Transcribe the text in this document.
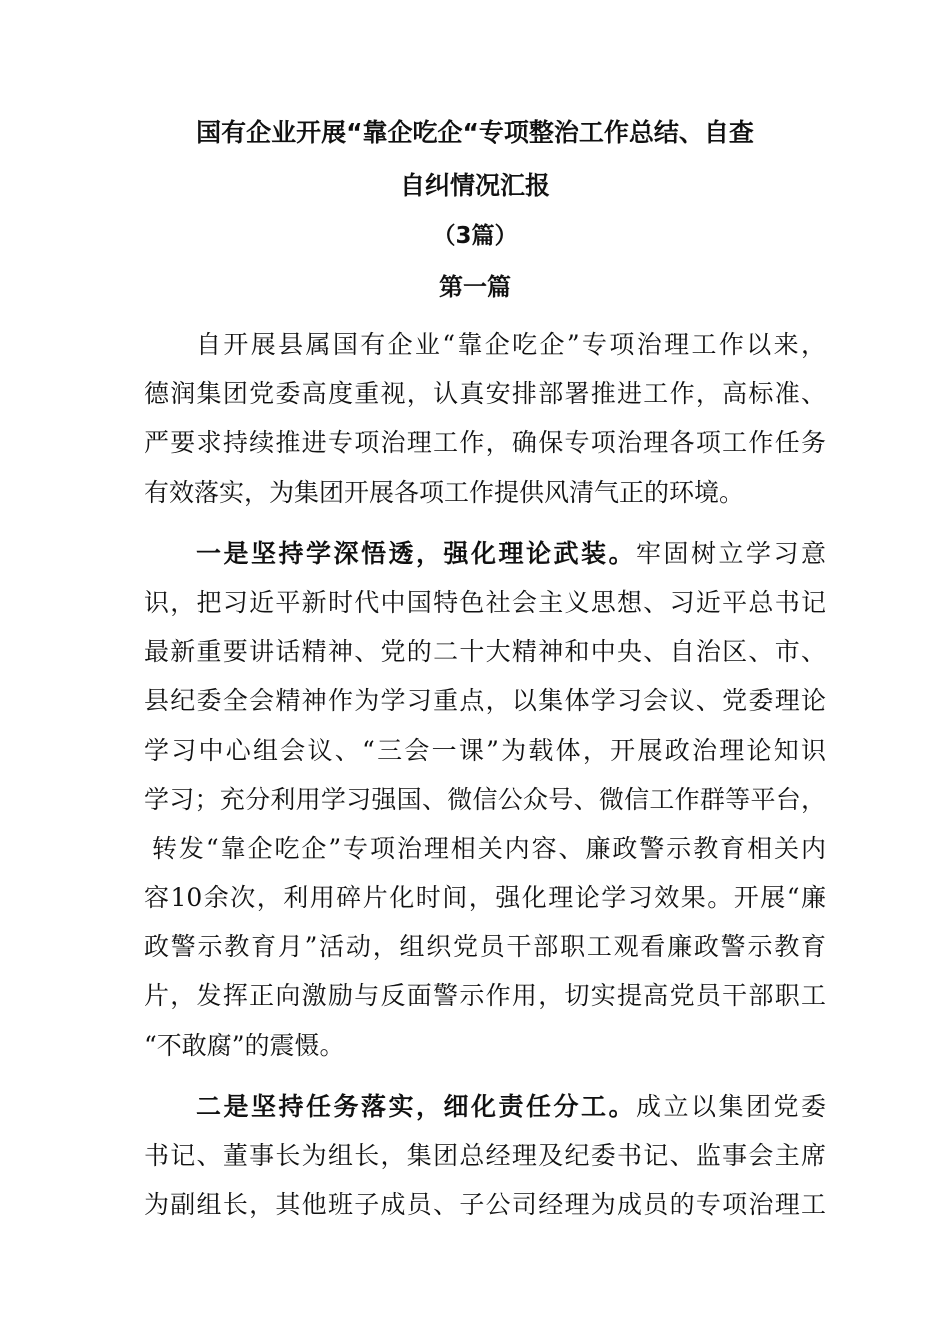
国有企业开展“靠企吃企“专项整治工作总结、自查
自纠情况汇报
（3篇）
第一篇
自开展县属国有企业“靠企吃企”专项治理工作以来，
德润集团党委高度重视，认真安排部署推进工作，高标准、
严要求持续推进专项治理工作，确保专项治理各项工作任务
有效落实，为集团开展各项工作提供风清气正的环境。
一是坚持学深悟透，强化理论武装。牢固树立学习意
识，把习近平新时代中国特色社会主义思想、习近平总书记
最新重要讲话精神、党的二十大精神和中央、自治区、市、
县纪委全会精神作为学习重点，以集体学习会议、党委理论
学习中心组会议、“三会一课”为载体，开展政治理论知识
学习；充分利用学习强国、微信公众号、微信工作群等平台，
转发“靠企吃企”专项治理相关内容、廉政警示教育相关内
容10余次，利用碎片化时间，强化理论学习效果。开展“廉
政警示教育月”活动，组织党员干部职工观看廉政警示教育
片，发挥正向激励与反面警示作用，切实提高党员干部职工
“不敢腐”的震慑。
二是坚持任务落实，细化责任分工。成立以集团党委
书记、董事长为组长，集团总经理及纪委书记、监事会主席
为副组长，其他班子成员、子公司经理为成员的专项治理工
